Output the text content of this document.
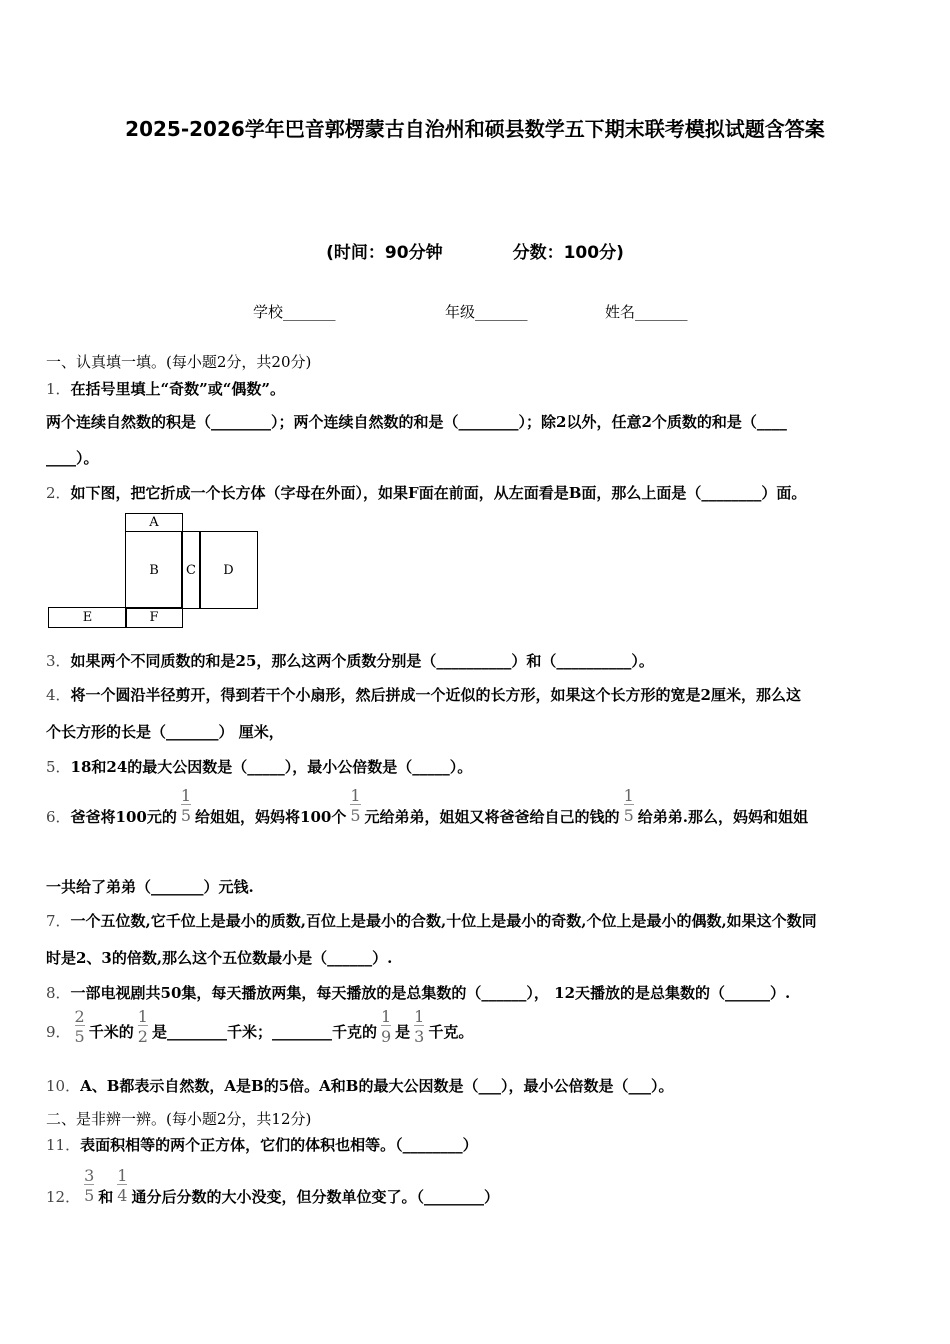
2025-2026学年巴音郭楞蒙古自治州和硕县数学五下期末联考模拟试题含答案
(时间：90分钟	分数：100分)
学校_______	年级_______	姓名_______
一、认真填一填。(每小题2分，共20分)
1．在括号里填上“奇数”或“偶数”。
两个连续自然数的积是（________）；两个连续自然数的和是（________）；除2以外，任意2个质数的和是（____
____）。
2．如下图，把它折成一个长方体（字母在外面），如果F面在前面，从左面看是B面，那么上面是（________）面。
A
B	C	D
E	F
3．如果两个不同质数的和是25，那么这两个质数分别是（__________）和（__________）。
4．将一个圆沿半径剪开，得到若干个小扇形，然后拼成一个近似的长方形，如果这个长方形的宽是2厘米，那么这
个长方形的长是（_______） 厘米，
5．18和24的最大公因数是（_____），最小公倍数是（_____）。
6．爸爸将100元的 $\frac{1}{5}$ 给姐姐，妈妈将100个 $\frac{1}{5}$ 元给弟弟，姐姐又将爸爸给自己的钱的 $\frac{1}{5}$ 给弟弟.那么，妈妈和姐姐
一共给了弟弟（_______）元钱.
7．一个五位数,它千位上是最小的质数,百位上是最小的合数,十位上是最小的奇数,个位上是最小的偶数,如果这个数同
时是2、3的倍数,那么这个五位数最小是（______）.
8．一部电视剧共50集，每天播放两集，每天播放的是总集数的（______）， 12天播放的是总集数的（______）.
9． $\frac{2}{5}$ 千米的 $\frac{1}{2}$ 是________千米；________千克的 $\frac{1}{9}$ 是 $\frac{1}{3}$ 千克。
10．A、B都表示自然数，A是B的5倍。A和B的最大公因数是（___），最小公倍数是（___）。
二、是非辨一辨。(每小题2分，共12分)
11．表面积相等的两个正方体，它们的体积也相等。（________）
12． $\frac{3}{5}$ 和 $\frac{1}{4}$ 通分后分数的大小没变，但分数单位变了。（________）
